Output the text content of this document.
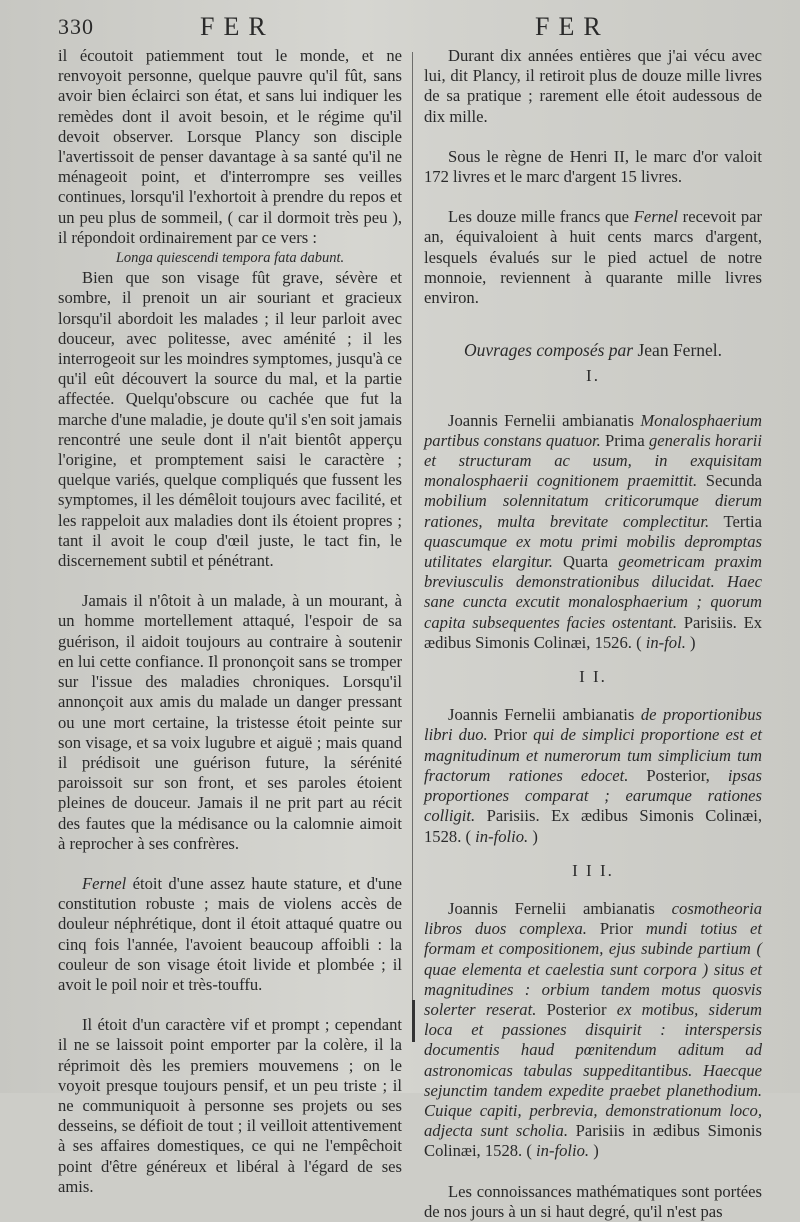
330	FER	FER

il écoutoit patiemment tout le monde, et ne renvoyoit personne, quelque pauvre qu'il fût, sans avoir bien éclairci son état, et sans lui indiquer les remèdes dont il avoit besoin, et le régime qu'il devoit observer. Lorsque Plancy son disciple l'avertissoit de penser davantage à sa santé qu'il ne ménageoit point, et d'interrompre ses veilles continues, lorsqu'il l'exhortoit à prendre du repos et un peu plus de sommeil, ( car il dormoit très peu ), il répondoit ordinairement par ce vers :

Longa quiescendi tempora fata dabunt.

Bien que son visage fût grave, sévère et sombre, il prenoit un air souriant et gracieux lorsqu'il abordoit les malades ; il leur parloit avec douceur, avec politesse, avec aménité ; il les interrogeoit sur les moindres symptomes, jusqu'à ce qu'il eût découvert la source du mal, et la partie affectée. Quelqu'obscure ou cachée que fut la marche d'une maladie, je doute qu'il s'en soit jamais rencontré une seule dont il n'ait bientôt apperçu l'origine, et promptement saisi le caractère ; quelque variés, quelque compliqués que fussent les symptomes, il les démêloit toujours avec facilité, et les rappeloit aux maladies dont ils étoient propres ; tant il avoit le coup d'œil juste, le tact fin, le discernement subtil et pénétrant.

Jamais il n'ôtoit à un malade, à un mourant, à un homme mortellement attaqué, l'espoir de sa guérison, il aidoit toujours au contraire à soutenir en lui cette confiance. Il prononçoit sans se tromper sur l'issue des maladies chroniques. Lorsqu'il annonçoit aux amis du malade un danger pressant ou une mort certaine, la tristesse étoit peinte sur son visage, et sa voix lugubre et aiguë ; mais quand il prédisoit une guérison future, la sérénité paroissoit sur son front, et ses paroles étoient pleines de douceur. Jamais il ne prit part au récit des fautes que la médisance ou la calomnie aimoit à reprocher à ses confrères.

Fernel étoit d'une assez haute stature, et d'une constitution robuste ; mais de violens accès de douleur néphrétique, dont il étoit attaqué quatre ou cinq fois l'année, l'avoient beaucoup affoibli : la couleur de son visage étoit livide et plombée ; il avoit le poil noir et très-touffu.

Il étoit d'un caractère vif et prompt ; cependant il ne se laissoit point emporter par la colère, il la réprimoit dès les premiers mouvemens ; on le voyoit presque toujours pensif, et un peu triste ; il ne communiquoit à personne ses projets ou ses desseins, se défioit de tout ; il veilloit attentivement à ses affaires domestiques, ce qui ne l'empêchoit point d'être généreux et libéral à l'égard de ses amis.

Durant dix années entières que j'ai vécu avec lui, dit Plancy, il retiroit plus de douze mille livres de sa pratique ; rarement elle étoit audessous de dix mille.

Sous le règne de Henri II, le marc d'or valoit 172 livres et le marc d'argent 15 livres.

Les douze mille francs que Fernel recevoit par an, équivaloient à huit cents marcs d'argent, lesquels évalués sur le pied actuel de notre monnoie, reviennent à quarante mille livres environ.

Ouvrages composés par Jean Fernel.

I.

Joannis Fernelii ambianatis Monalosphaerium partibus constans quatuor. Prima generalis horarii et structuram ac usum, in exquisitam monalosphaerii cognitionem praemittit. Secunda mobilium solennitatum criticorumque dierum rationes, multa brevitate complectitur. Tertia quascumque ex motu primi mobilis depromptas utilitates elargitur. Quarta geometricam praxim breviusculis demonstrationibus dilucidat. Haec sane cuncta excutit monalosphaerium ; quorum capita subsequentes facies ostentant. Parisiis. Ex ædibus Simonis Colinæi, 1526. ( in-fol. )

I I.

Joannis Fernelii ambianatis de proportionibus libri duo. Prior qui de simplici proportione est et magnitudinum et numerorum tum simplicium tum fractorum rationes edocet. Posterior, ipsas proportiones comparat ; earumque rationes colligit. Parisiis. Ex ædibus Simonis Colinæi, 1528. ( in-folio. )

I I I.

Joannis Fernelii ambianatis cosmotheoria libros duos complexa. Prior mundi totius et formam et compositionem, ejus subinde partium ( quae elementa et caelestia sunt corpora ) situs et magnitudines : orbium tandem motus quosvis solerter reserat. Posterior ex motibus, siderum loca et passiones disquirit : interspersis documentis haud pœnitendum aditum ad astronomicas tabulas suppeditantibus. Haecque sejunctim tandem expedite praebet planethodium. Cuique capiti, perbrevia, demonstrationum loco, adjecta sunt scholia. Parisiis in ædibus Simonis Colinæi, 1528. ( in-folio. )

Les connoissances mathématiques sont portées de nos jours à un si haut degré, qu'il n'est pas
